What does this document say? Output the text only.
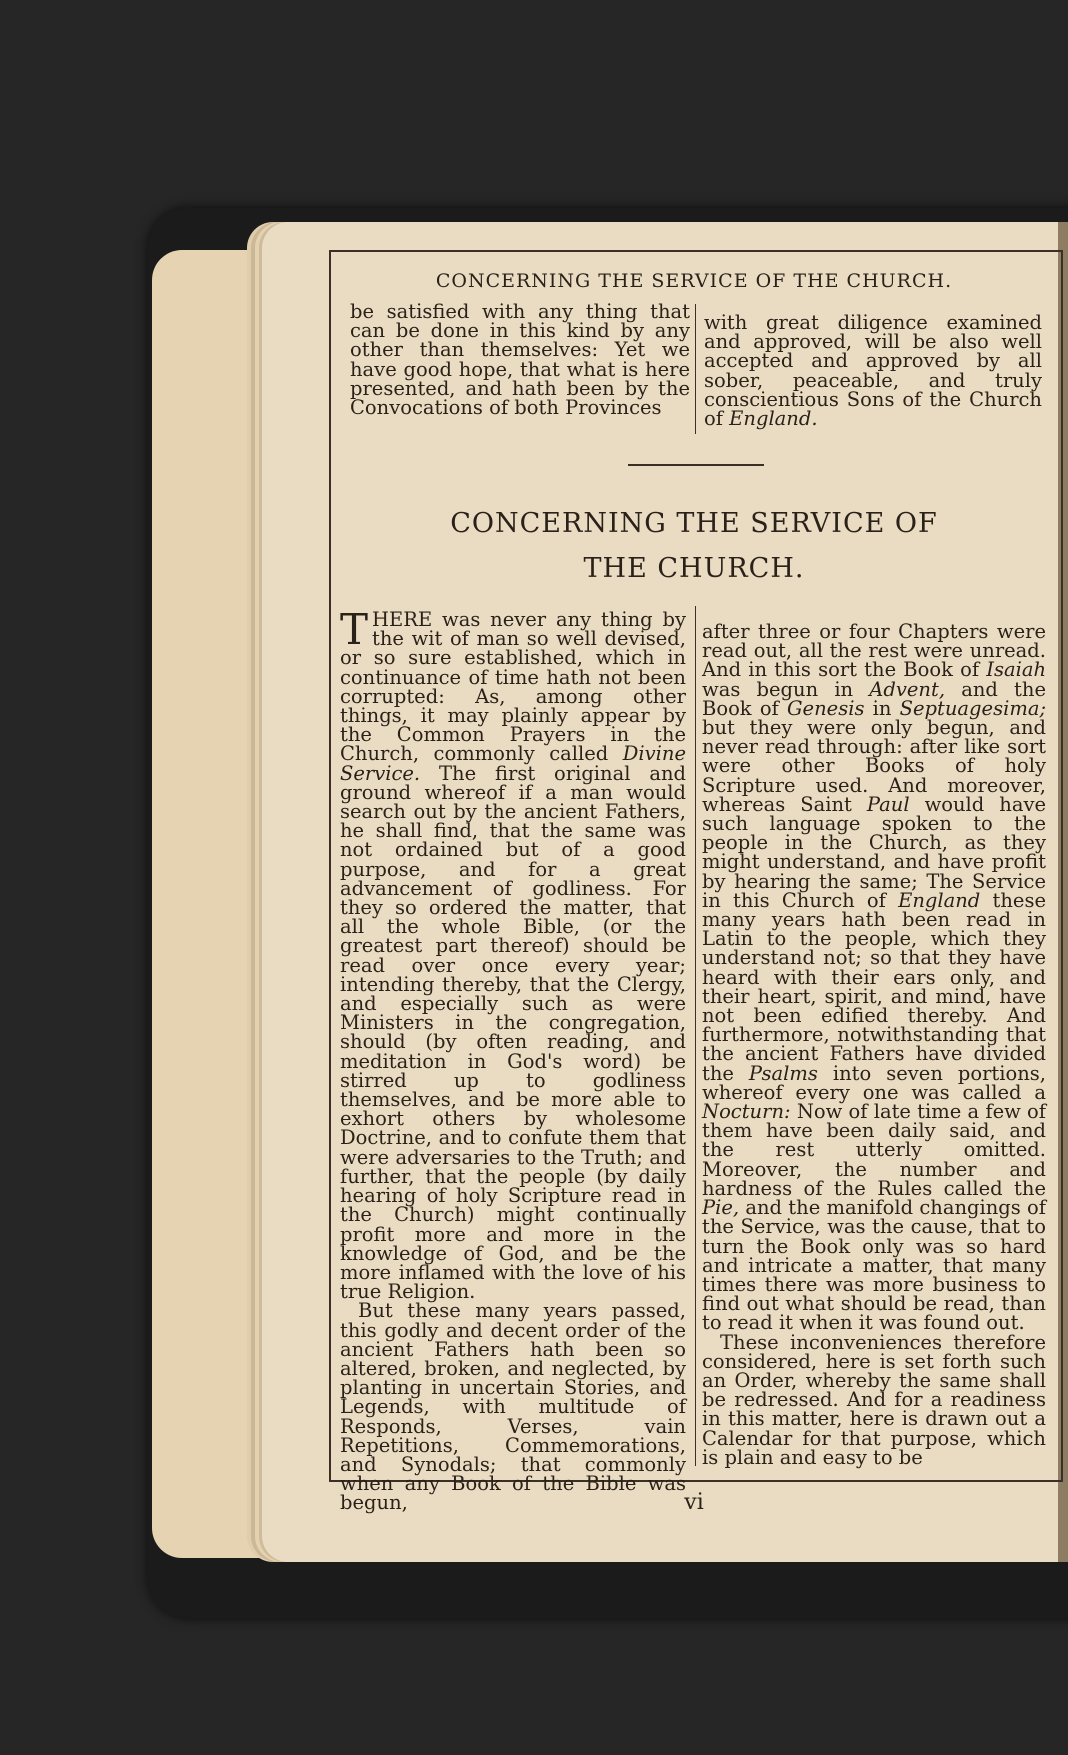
CONCERNING THE SERVICE OF THE CHURCH.

be satisfied with any thing that can be done in this kind by any other than themselves: Yet we have good hope, that what is here presented, and hath been by the Convocations of both Provinces

with great diligence examined and approved, will be also well accepted and approved by all sober, peaceable, and truly conscientious Sons of the Church of England.

CONCERNING THE SERVICE OF
THE CHURCH.

THERE was never any thing by the wit of man so well devised, or so sure established, which in continuance of time hath not been corrupted: As, among other things, it may plainly appear by the Common Prayers in the Church, commonly called Divine Service. The first original and ground whereof if a man would search out by the ancient Fathers, he shall find, that the same was not ordained but of a good purpose, and for a great advancement of godliness. For they so ordered the matter, that all the whole Bible, (or the greatest part thereof) should be read over once every year; intending thereby, that the Clergy, and especially such as were Ministers in the congregation, should (by often reading, and meditation in God's word) be stirred up to godliness themselves, and be more able to exhort others by wholesome Doctrine, and to confute them that were adversaries to the Truth; and further, that the people (by daily hearing of holy Scripture read in the Church) might continually profit more and more in the knowledge of God, and be the more inflamed with the love of his true Religion.

But these many years passed, this godly and decent order of the ancient Fathers hath been so altered, broken, and neglected, by planting in uncertain Stories, and Legends, with multitude of Responds, Verses, vain Repetitions, Commemorations, and Synodals; that commonly when any Book of the Bible was begun,

after three or four Chapters were read out, all the rest were unread. And in this sort the Book of Isaiah was begun in Advent, and the Book of Genesis in Septuagesima; but they were only begun, and never read through: after like sort were other Books of holy Scripture used. And moreover, whereas Saint Paul would have such language spoken to the people in the Church, as they might understand, and have profit by hearing the same; The Service in this Church of England these many years hath been read in Latin to the people, which they understand not; so that they have heard with their ears only, and their heart, spirit, and mind, have not been edified thereby. And furthermore, notwithstanding that the ancient Fathers have divided the Psalms into seven portions, whereof every one was called a Nocturn: Now of late time a few of them have been daily said, and the rest utterly omitted. Moreover, the number and hardness of the Rules called the Pie, and the manifold changings of the Service, was the cause, that to turn the Book only was so hard and intricate a matter, that many times there was more business to find out what should be read, than to read it when it was found out.

These inconveniences therefore considered, here is set forth such an Order, whereby the same shall be redressed. And for a readiness in this matter, here is drawn out a Calendar for that purpose, which is plain and easy to be

vi
